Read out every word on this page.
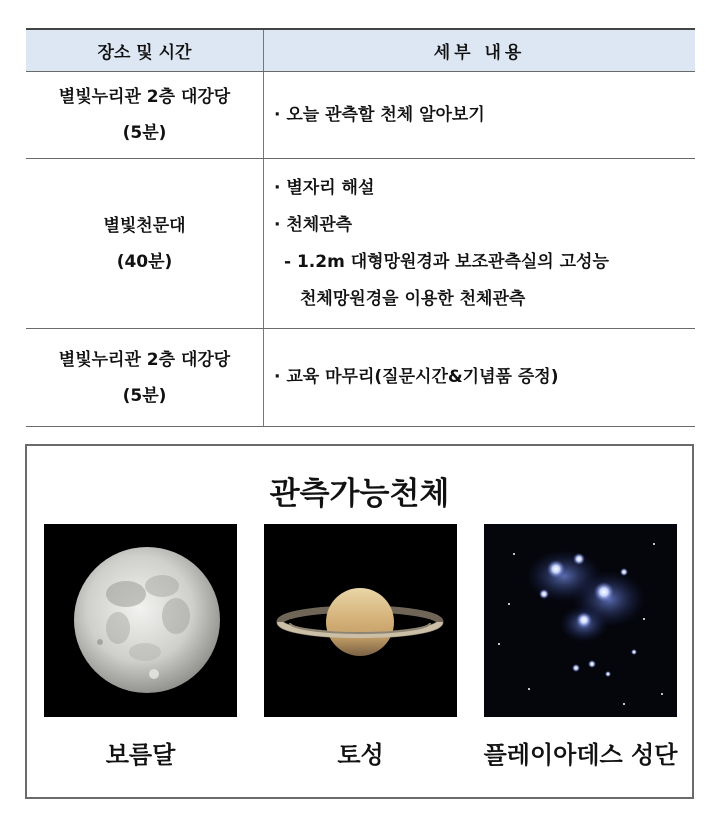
장소 및 시간	세부 내용

별빛누리관 2층 대강당
(5분)	· 오늘 관측할 천체 알아보기

별빛천문대
(40분)	· 별자리 해설
· 천체관측
- 1.2m 대형망원경과 보조관측실의 고성능
천체망원경을 이용한 천체관측

별빛누리관 2층 대강당
(5분)	· 교육 마무리(질문시간&기념품 증정)
관측가능천체
보름달	토성	플레이아데스 성단
